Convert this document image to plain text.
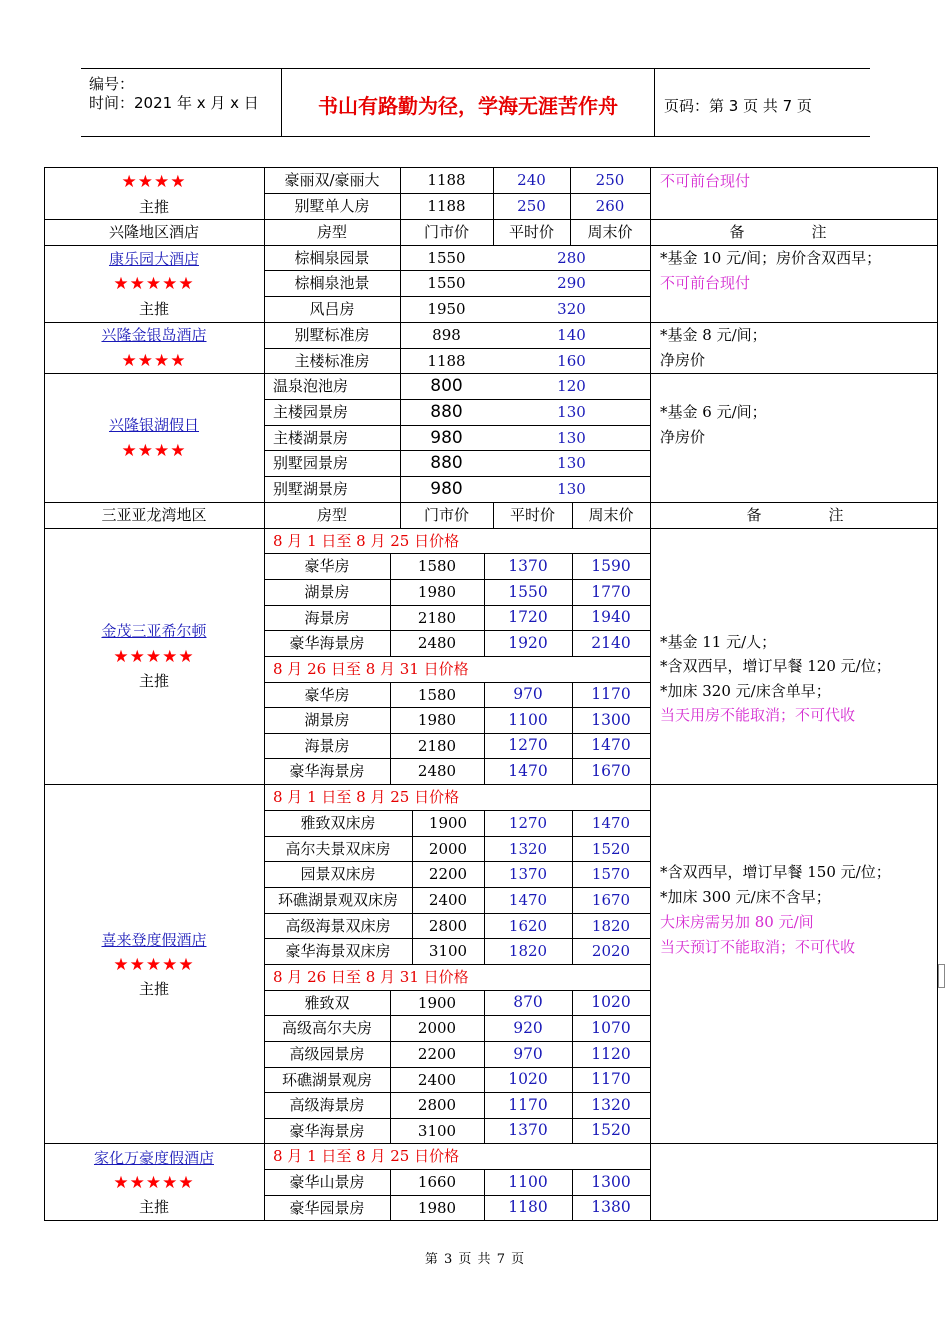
编号：
时间：2021 年 x 月 x 日	页码：第 3 页 共 7 页
书山有路勤为径，学海无涯苦作舟
★★★★
主推
豪丽双/豪丽大	1188	240	250
别墅单人房	1188	250	260
不可前台现付
兴隆地区酒店	房型	门市价	平时价	周末价	备	注
康乐园大酒店
★★★★★
主推
棕榈泉园景	1550	280
棕榈泉池景	1550	290
风吕房	1950	320
*基金 10 元/间；房价含双西早；
不可前台现付
兴隆金银岛酒店
★★★★
别墅标准房	898	140
主楼标准房	1188	160
*基金 8 元/间；
净房价
兴隆银湖假日
★★★★
温泉泡池房	800	120
主楼园景房	880	130
主楼湖景房	980	130
别墅园景房	880	130
别墅湖景房	980	130
*基金 6 元/间；
净房价
三亚亚龙湾地区	房型	门市价	平时价	周末价	备	注
金茂三亚希尔顿
★★★★★
主推
8 月 1 日至 8 月 25 日价格
豪华房	1580	1370	1590
湖景房	1980	1550	1770
海景房	2180	1720	1940
豪华海景房	2480	1920	2140
8 月 26 日至 8 月 31 日价格
豪华房	1580	970	1170
湖景房	1980	1100	1300
海景房	2180	1270	1470
豪华海景房	2480	1470	1670
*基金 11 元/人；
*含双西早，增订早餐 120 元/位；
*加床 320 元/床含单早；
当天用房不能取消；不可代收
喜来登度假酒店
★★★★★
主推
8 月 1 日至 8 月 25 日价格
雅致双床房	1900	1270	1470
高尔夫景双床房	2000	1320	1520
园景双床房	2200	1370	1570
环礁湖景观双床房	2400	1470	1670
高级海景双床房	2800	1620	1820
豪华海景双床房	3100	1820	2020
8 月 26 日至 8 月 31 日价格
雅致双	1900	870	1020
高级高尔夫房	2000	920	1070
高级园景房	2200	970	1120
环礁湖景观房	2400	1020	1170
高级海景房	2800	1170	1320
豪华海景房	3100	1370	1520
*含双西早，增订早餐 150 元/位；
*加床 300 元/床不含早；
大床房需另加 80 元/间
当天预订不能取消；不可代收
家化万豪度假酒店
★★★★★
主推
8 月 1 日至 8 月 25 日价格
豪华山景房	1660	1100	1300
豪华园景房	1980	1180	1380
第 3 页 共 7 页
